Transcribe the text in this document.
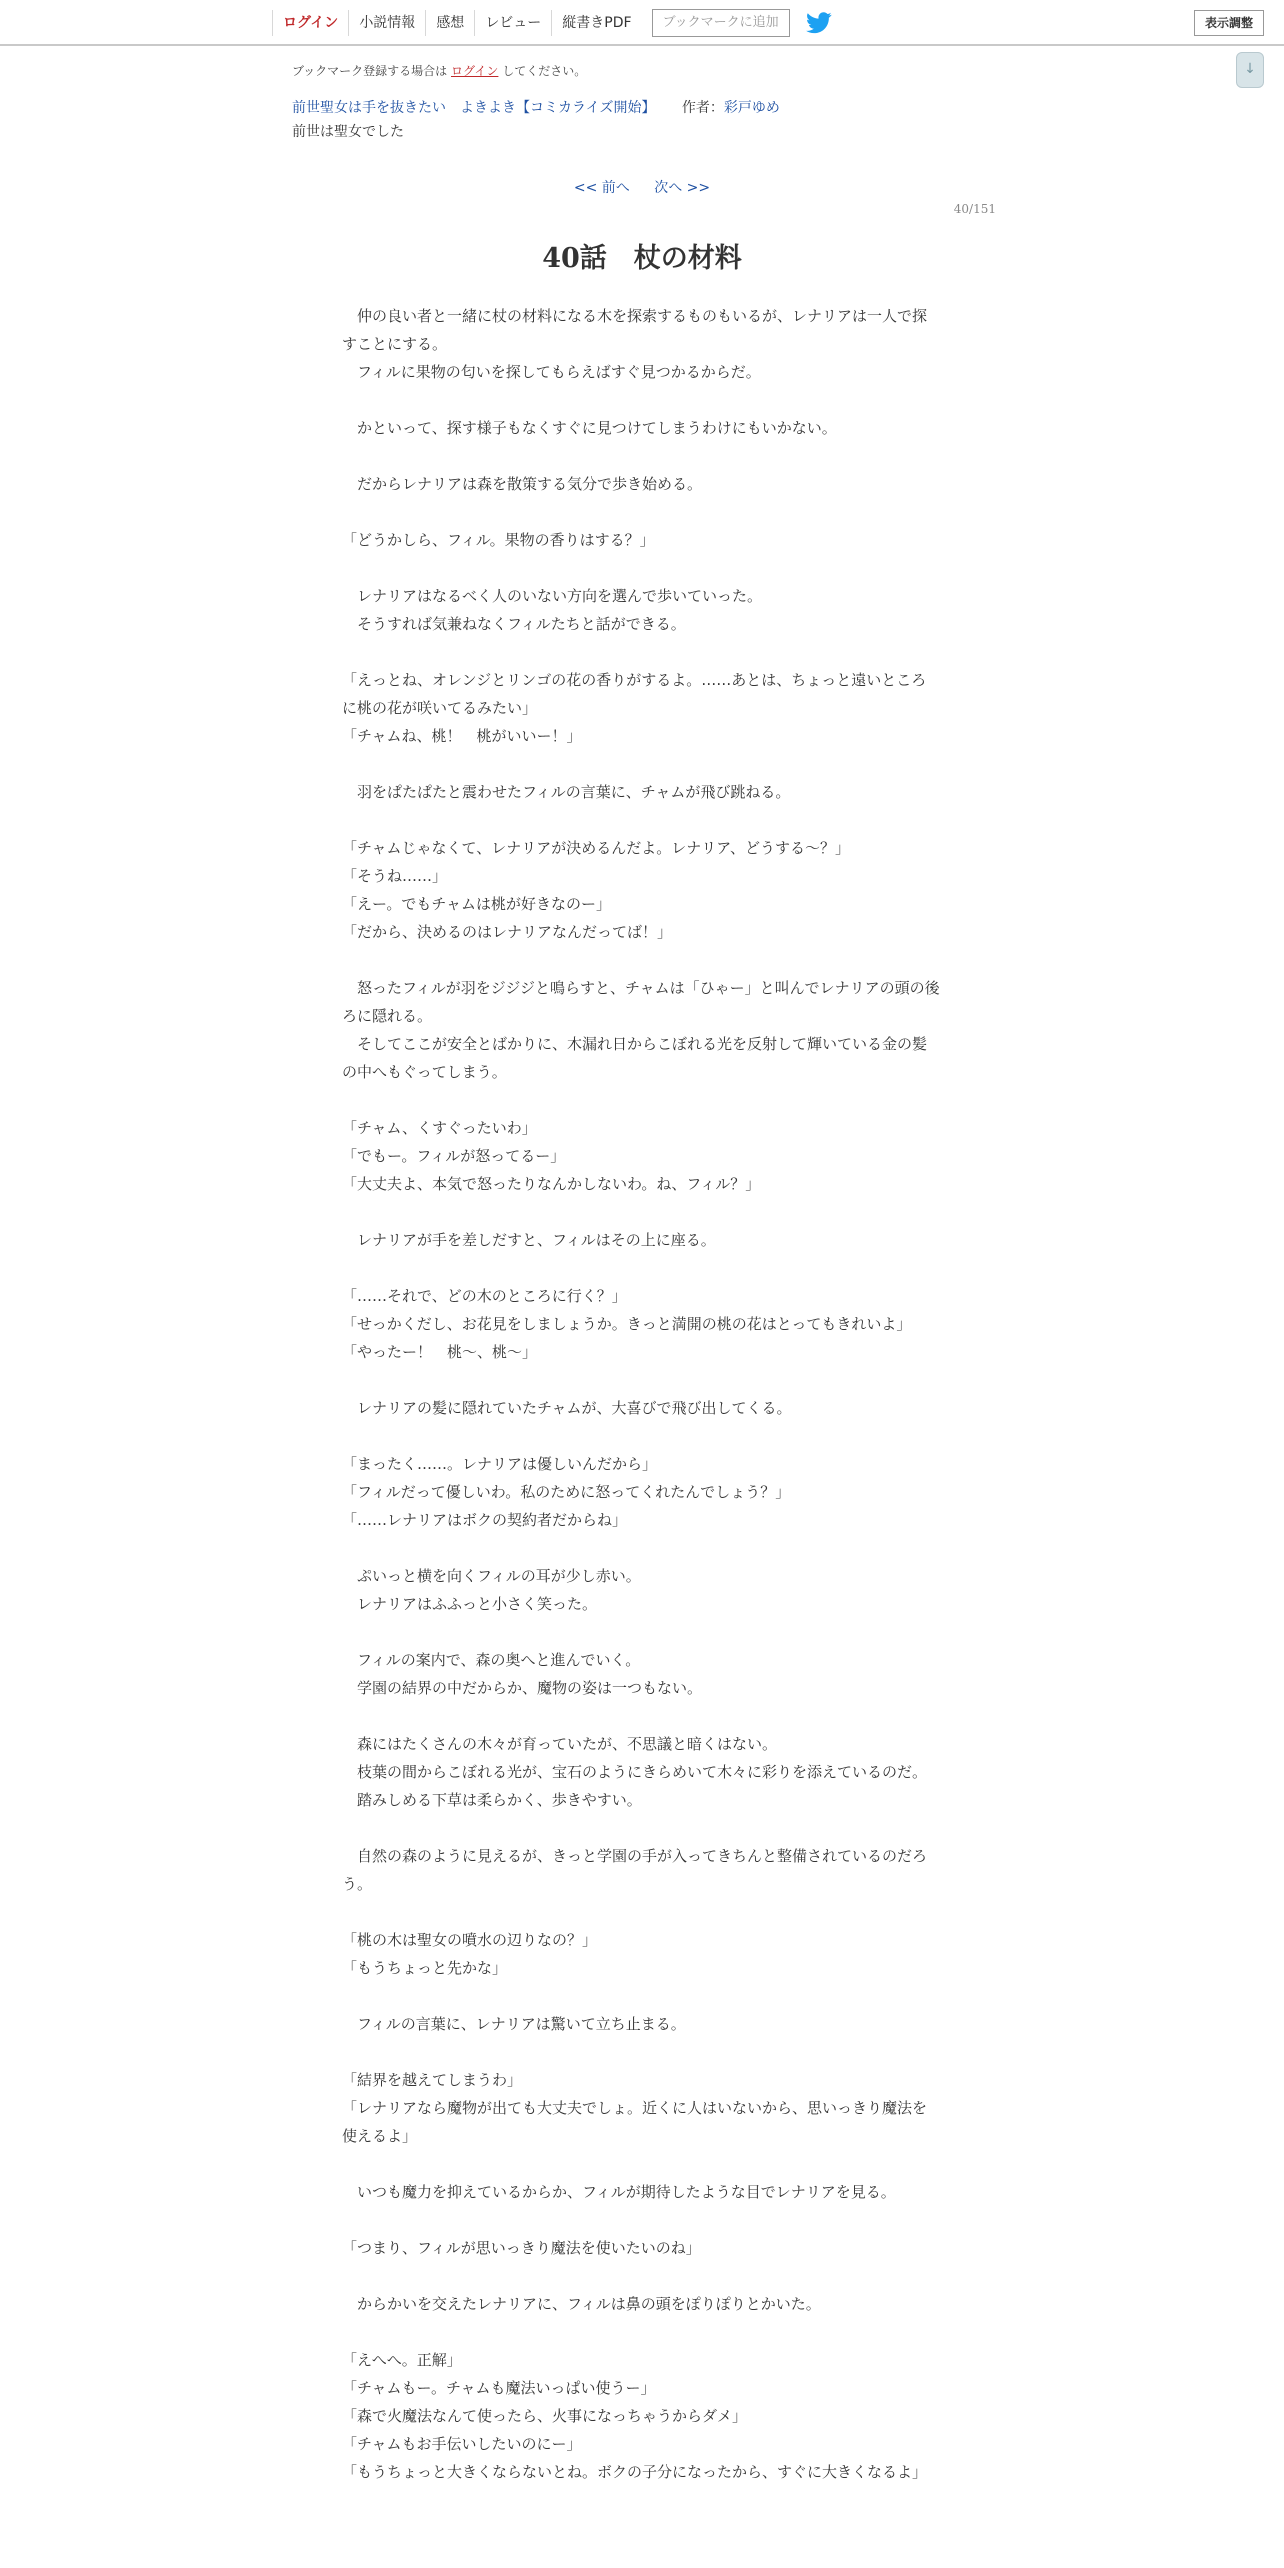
ログイン	小説情報	感想	レビュー	縦書きPDF	ブックマークに追加	表示調整
↓
ブックマーク登録する場合は ログイン してください。
前世聖女は手を抜きたい　よきよき【コミカライズ開始】 作者：彩戸ゆめ
前世は聖女でした
<< 前へ 次へ >>
40/151
40話　杖の材料

　仲の良い者と一緒に杖の材料になる木を探索するものもいるが、レナリアは一人で探すことにする。

　フィルに果物の匂いを探してもらえばすぐ見つかるからだ。

　かといって、探す様子もなくすぐに見つけてしまうわけにもいかない。

　だからレナリアは森を散策する気分で歩き始める。

「どうかしら、フィル。果物の香りはする？」

　レナリアはなるべく人のいない方向を選んで歩いていった。

　そうすれば気兼ねなくフィルたちと話ができる。

「えっとね、オレンジとリンゴの花の香りがするよ。……あとは、ちょっと遠いところに桃の花が咲いてるみたい」

「チャムね、桃！　桃がいいー！」

　羽をぱたぱたと震わせたフィルの言葉に、チャムが飛び跳ねる。

「チャムじゃなくて、レナリアが決めるんだよ。レナリア、どうする～？」

「そうね……」

「えー。でもチャムは桃が好きなのー」

「だから、決めるのはレナリアなんだってば！」

　怒ったフィルが羽をジジジと鳴らすと、チャムは「ひゃー」と叫んでレナリアの頭の後ろに隠れる。

　そしてここが安全とばかりに、木漏れ日からこぼれる光を反射して輝いている金の髪の中へもぐってしまう。

「チャム、くすぐったいわ」

「でもー。フィルが怒ってるー」

「大丈夫よ、本気で怒ったりなんかしないわ。ね、フィル？」

　レナリアが手を差しだすと、フィルはその上に座る。

「……それで、どの木のところに行く？」

「せっかくだし、お花見をしましょうか。きっと満開の桃の花はとってもきれいよ」

「やったー！　桃～、桃～」

　レナリアの髪に隠れていたチャムが、大喜びで飛び出してくる。

「まったく……。レナリアは優しいんだから」

「フィルだって優しいわ。私のために怒ってくれたんでしょう？」

「……レナリアはボクの契約者だからね」

　ぷいっと横を向くフィルの耳が少し赤い。

　レナリアはふふっと小さく笑った。

　フィルの案内で、森の奥へと進んでいく。

　学園の結界の中だからか、魔物の姿は一つもない。

　森にはたくさんの木々が育っていたが、不思議と暗くはない。

　枝葉の間からこぼれる光が、宝石のようにきらめいて木々に彩りを添えているのだ。

　踏みしめる下草は柔らかく、歩きやすい。

　自然の森のように見えるが、きっと学園の手が入ってきちんと整備されているのだろう。

「桃の木は聖女の噴水の辺りなの？」

「もうちょっと先かな」

　フィルの言葉に、レナリアは驚いて立ち止まる。

「結界を越えてしまうわ」

「レナリアなら魔物が出ても大丈夫でしょ。近くに人はいないから、思いっきり魔法を使えるよ」

　いつも魔力を抑えているからか、フィルが期待したような目でレナリアを見る。

「つまり、フィルが思いっきり魔法を使いたいのね」

　からかいを交えたレナリアに、フィルは鼻の頭をぽりぽりとかいた。

「えへへ。正解」

「チャムもー。チャムも魔法いっぱい使うー」

「森で火魔法なんて使ったら、火事になっちゃうからダメ」

「チャムもお手伝いしたいのにー」

「もうちょっと大きくならないとね。ボクの子分になったから、すぐに大きくなるよ」
